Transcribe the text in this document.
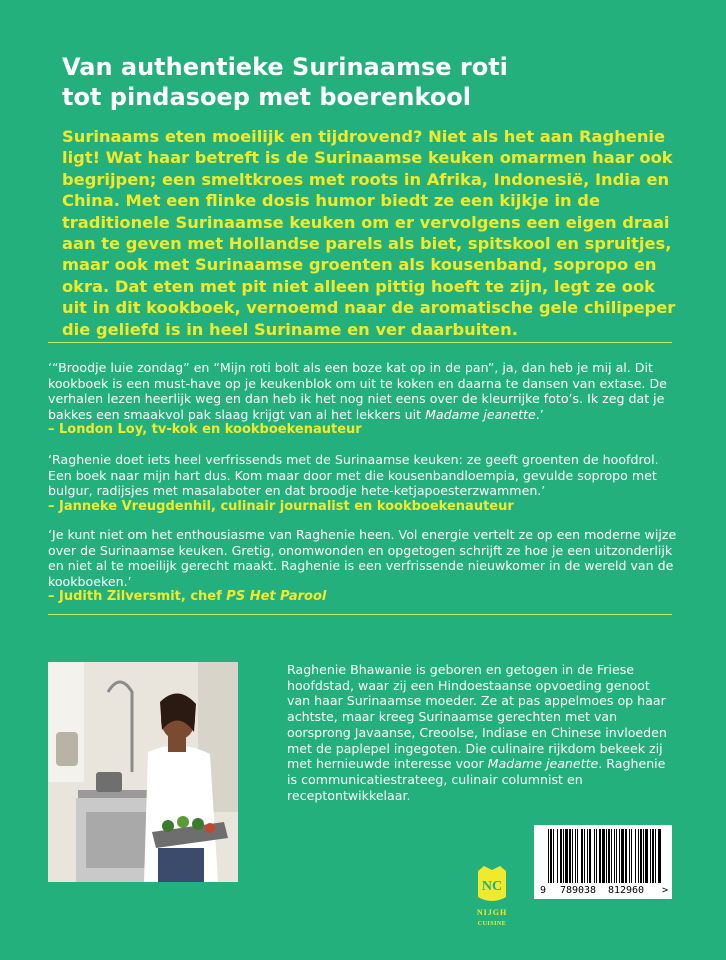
Van authentieke Surinaamse roti
tot pindasoep met boerenkool
Surinaams eten moeilijk en tijdrovend? Niet als het aan Raghenie ligt! Wat haar betreft is de Surinaamse keuken omarmen haar ook begrijpen; een smeltkroes met roots in Afrika, Indonesië, India en China. Met een flinke dosis humor biedt ze een kijkje in de traditionele Surinaamse keuken om er vervolgens een eigen draai aan te geven met Hollandse parels als biet, spitskool en spruitjes, maar ook met Surinaamse groenten als kousenband, sopropo en okra. Dat eten met pit niet alleen pittig hoeft te zijn, legt ze ook uit in dit kookboek, vernoemd naar de aromatische gele chilipeper die geliefd is in heel Suriname en ver daarbuiten.
‘“Broodje luie zondag” en “Mijn roti bolt als een boze kat op in de pan”, ja, dan heb je mij al. Dit kookboek is een must-have op je keukenblok om uit te koken en daarna te dansen van extase. De verhalen lezen heerlijk weg en dan heb ik het nog niet eens over de kleurrijke foto’s. Ik zeg dat je bakkes een smaakvol pak slaag krijgt van al het lekkers uit Madame jeanette.’
– London Loy, tv-kok en kookboekenauteur
‘Raghenie doet iets heel verfrissends met de Surinaamse keuken: ze geeft groenten de hoofdrol. Een boek naar mijn hart dus. Kom maar door met die kousenbandloempia, gevulde sopropo met bulgur, radijsjes met masalaboter en dat broodje hete-ketjapoesterzwammen.’
– Janneke Vreugdenhil, culinair journalist en kookboekenauteur
‘Je kunt niet om het enthousiasme van Raghenie heen. Vol energie vertelt ze op een moderne wijze over de Surinaamse keuken. Gretig, onomwonden en opgetogen schrijft ze hoe je een uitzonderlijk en niet al te moeilijk gerecht maakt. Raghenie is een verfrissende nieuwkomer in de wereld van de kookboeken.’
– Judith Zilversmit, chef PS Het Parool
Raghenie Bhawanie is geboren en getogen in de Friese hoofdstad, waar zij een Hindoestaanse opvoeding genoot van haar Surinaamse moeder. Ze at pas appelmoes op haar achtste, maar kreeg Surinaamse gerechten met van oorsprong Javaanse, Creoolse, Indiase en Chinese invloeden met de paplepel ingegoten. Die culinaire rijkdom bekeek zij met hernieuwde interesse voor Madame jeanette. Raghenie is communicatiestrateeg, culinair columnist en receptontwikkelaar.
NC
NIJGH
CUISINE
9 789038 812960 >
